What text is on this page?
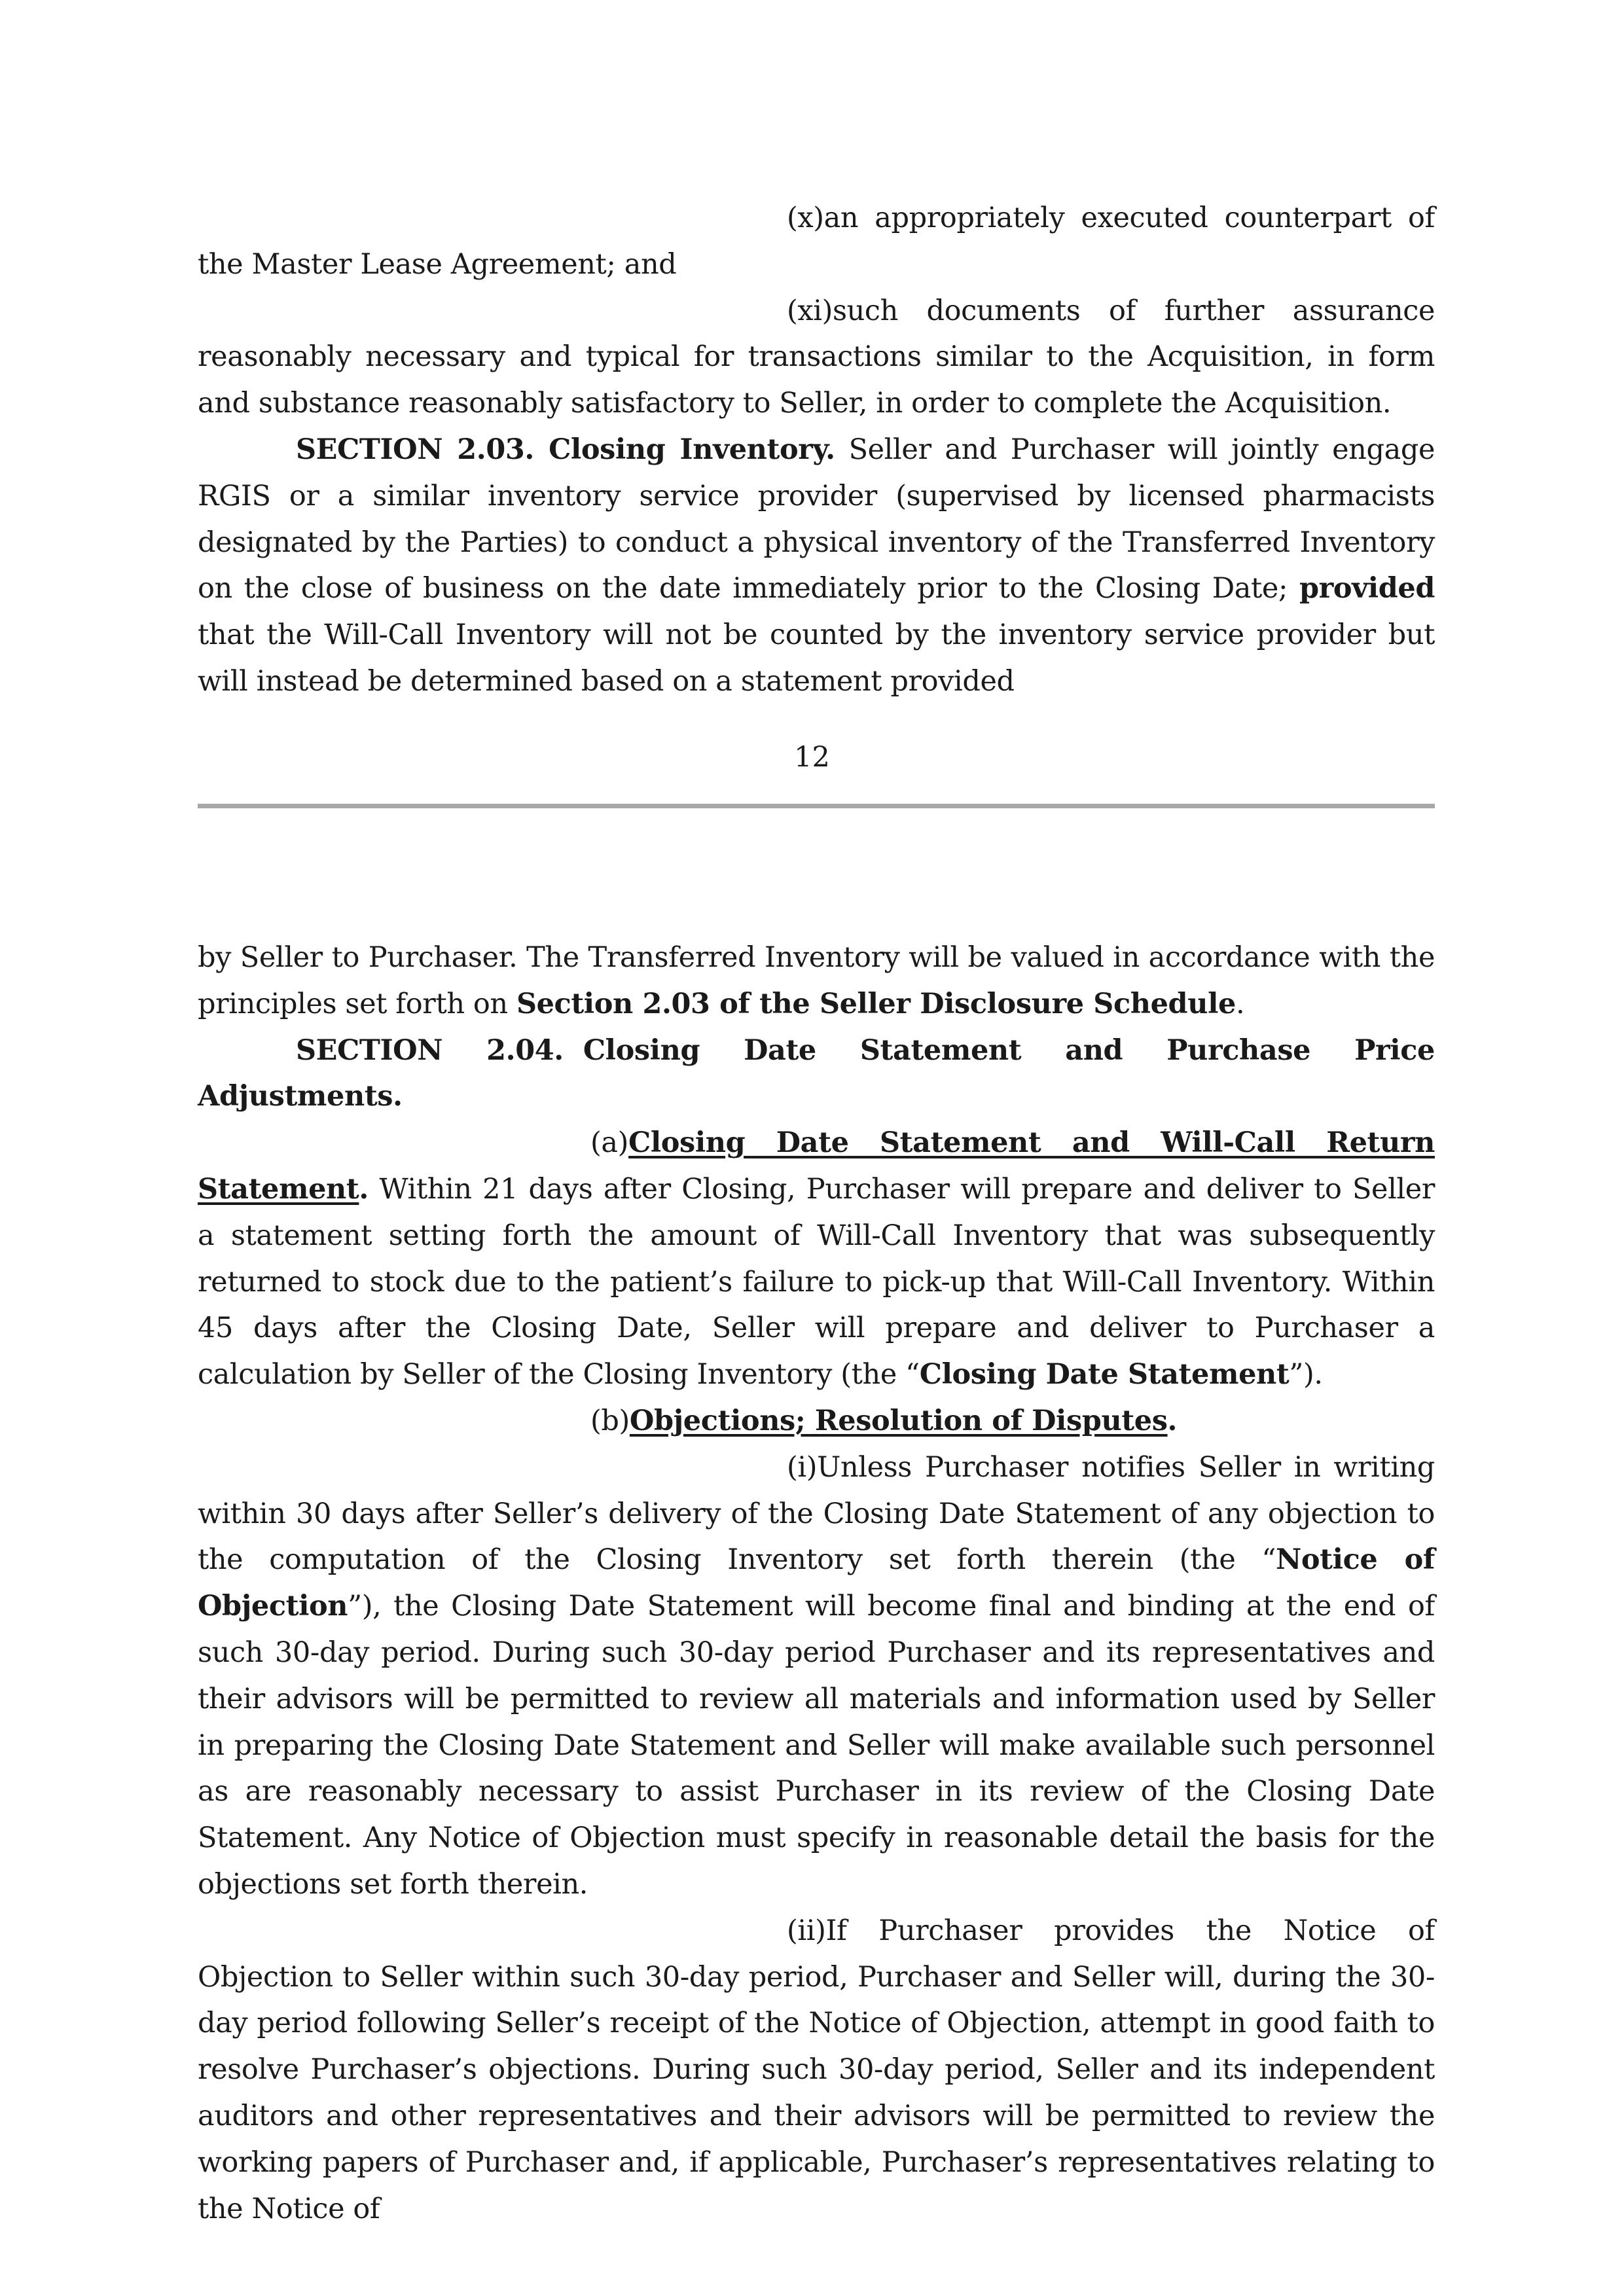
(x)an appropriately executed counterpart of the Master Lease Agreement; and

(xi)such documents of further assurance reasonably necessary and typical for transactions similar to the Acquisition, in form and substance reasonably satisfactory to Seller, in order to complete the Acquisition.

SECTION 2.03. Closing Inventory. Seller and Purchaser will jointly engage RGIS or a similar inventory service provider (supervised by licensed pharmacists designated by the Parties) to conduct a physical inventory of the Transferred Inventory on the close of business on the date immediately prior to the Closing Date; provided that the Will-Call Inventory will not be counted by the inventory service provider but will instead be determined based on a statement provided

12

by Seller to Purchaser. The Transferred Inventory will be valued in accordance with the principles set forth on Section 2.03 of the Seller Disclosure Schedule.

SECTION 2.04. Closing Date Statement and Purchase Price Adjustments.

(a)Closing Date Statement and Will-Call Return Statement. Within 21 days after Closing, Purchaser will prepare and deliver to Seller a statement setting forth the amount of Will-Call Inventory that was subsequently returned to stock due to the patient’s failure to pick-up that Will-Call Inventory. Within 45 days after the Closing Date, Seller will prepare and deliver to Purchaser a calculation by Seller of the Closing Inventory (the “Closing Date Statement”).

(b)Objections; Resolution of Disputes.

(i)Unless Purchaser notifies Seller in writing within 30 days after Seller’s delivery of the Closing Date Statement of any objection to the computation of the Closing Inventory set forth therein (the “Notice of Objection”), the Closing Date Statement will become final and binding at the end of such 30-day period. During such 30-day period Purchaser and its representatives and their advisors will be permitted to review all materials and information used by Seller in preparing the Closing Date Statement and Seller will make available such personnel as are reasonably necessary to assist Purchaser in its review of the Closing Date Statement. Any Notice of Objection must specify in reasonable detail the basis for the objections set forth therein.

(ii)If Purchaser provides the Notice of Objection to Seller within such 30-day period, Purchaser and Seller will, during the 30-day period following Seller’s receipt of the Notice of Objection, attempt in good faith to resolve Purchaser’s objections. During such 30-day period, Seller and its independent auditors and other representatives and their advisors will be permitted to review the working papers of Purchaser and, if applicable, Purchaser’s representatives relating to the Notice of
